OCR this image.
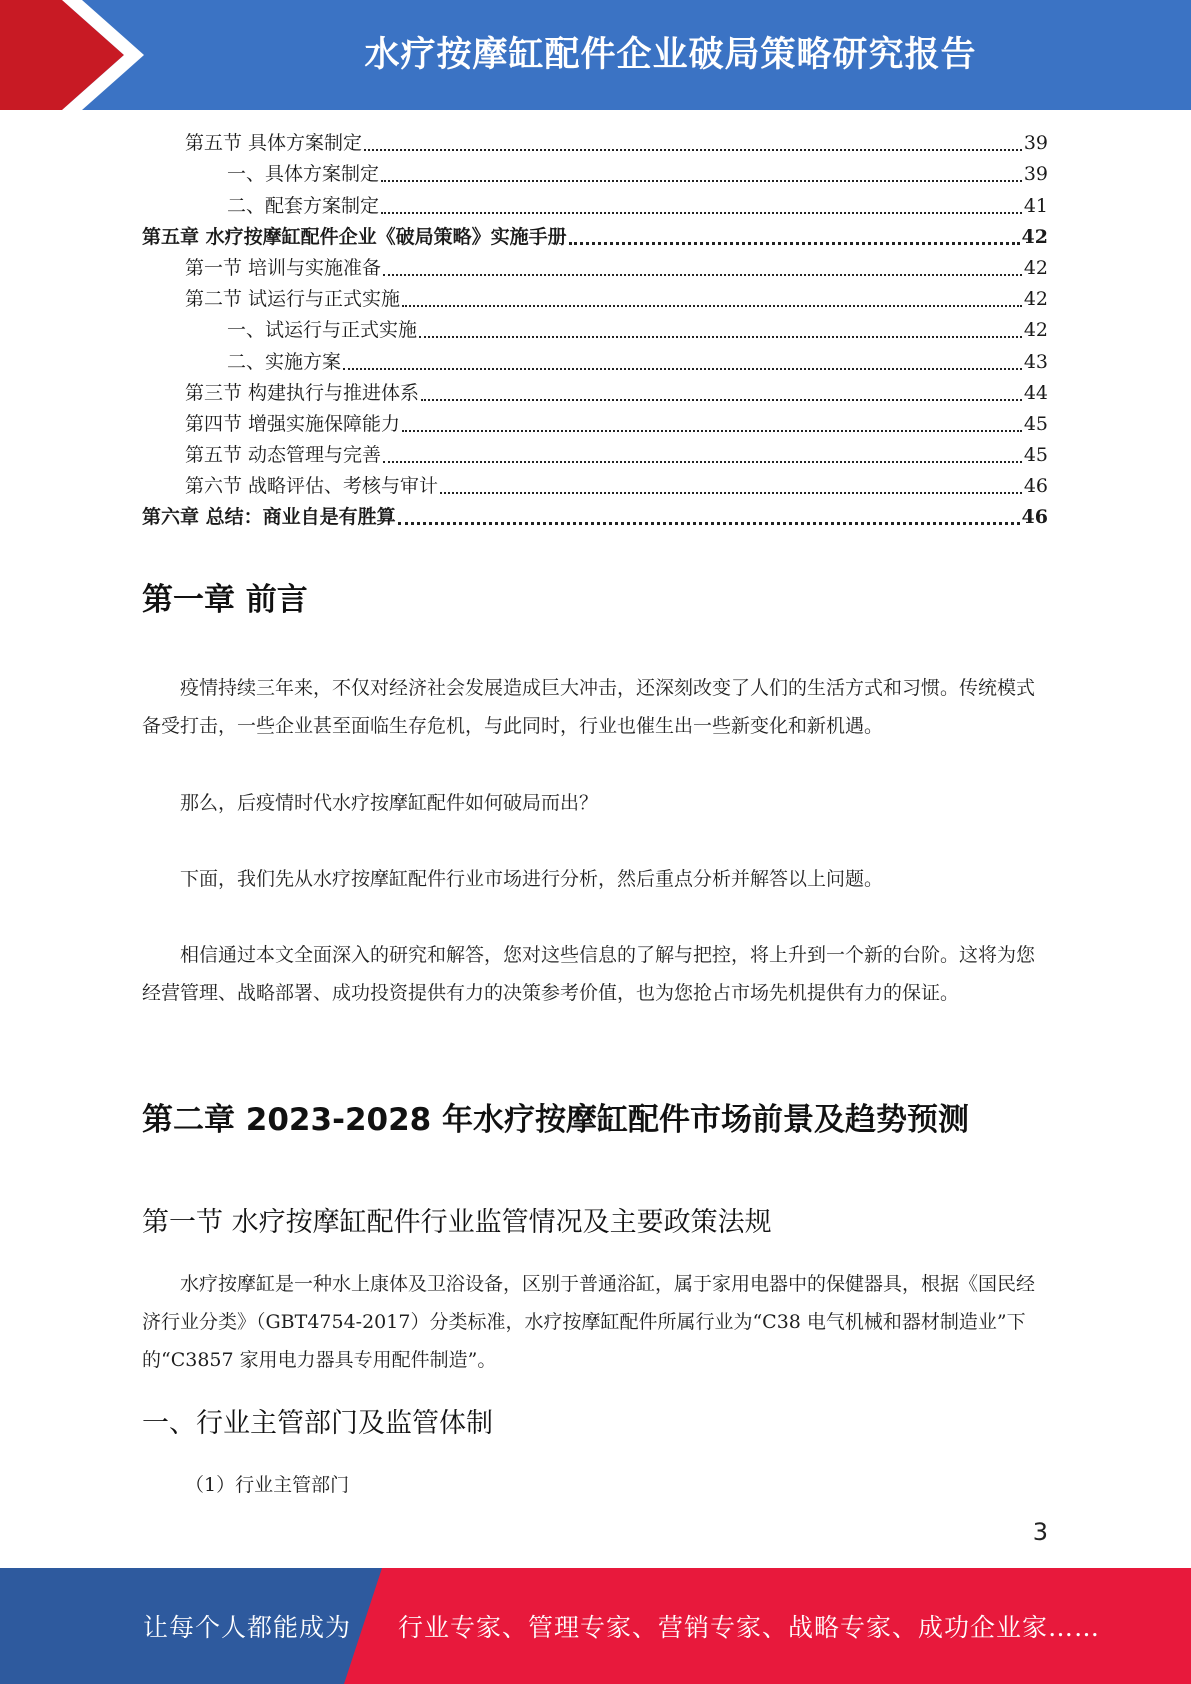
水疗按摩缸配件企业破局策略研究报告
第五节 具体方案制定	39
一、具体方案制定	39
二、配套方案制定	41
第五章 水疗按摩缸配件企业《破局策略》实施手册	42
第一节 培训与实施准备	42
第二节 试运行与正式实施	42
一、试运行与正式实施	42
二、实施方案	43
第三节 构建执行与推进体系	44
第四节 增强实施保障能力	45
第五节 动态管理与完善	45
第六节 战略评估、考核与审计	46
第六章 总结：商业自是有胜算	46
第一章 前言

疫情持续三年来，不仅对经济社会发展造成巨大冲击，还深刻改变了人们的生活方式和习惯。传统模式备受打击，一些企业甚至面临生存危机，与此同时，行业也催生出一些新变化和新机遇。

那么，后疫情时代水疗按摩缸配件如何破局而出？

下面，我们先从水疗按摩缸配件行业市场进行分析，然后重点分析并解答以上问题。

相信通过本文全面深入的研究和解答，您对这些信息的了解与把控，将上升到一个新的台阶。这将为您经营管理、战略部署、成功投资提供有力的决策参考价值，也为您抢占市场先机提供有力的保证。

第二章 2023-2028 年水疗按摩缸配件市场前景及趋势预测
第一节 水疗按摩缸配件行业监管情况及主要政策法规

水疗按摩缸是一种水上康体及卫浴设备，区别于普通浴缸，属于家用电器中的保健器具，根据《国民经济行业分类》（GBT4754-2017）分类标准，水疗按摩缸配件所属行业为“C38 电气机械和器材制造业”下的“C3857 家用电力器具专用配件制造”。

一、行业主管部门及监管体制
（1）行业主管部门
3
让每个人都能成为 行业专家、管理专家、营销专家、战略专家、成功企业家……
